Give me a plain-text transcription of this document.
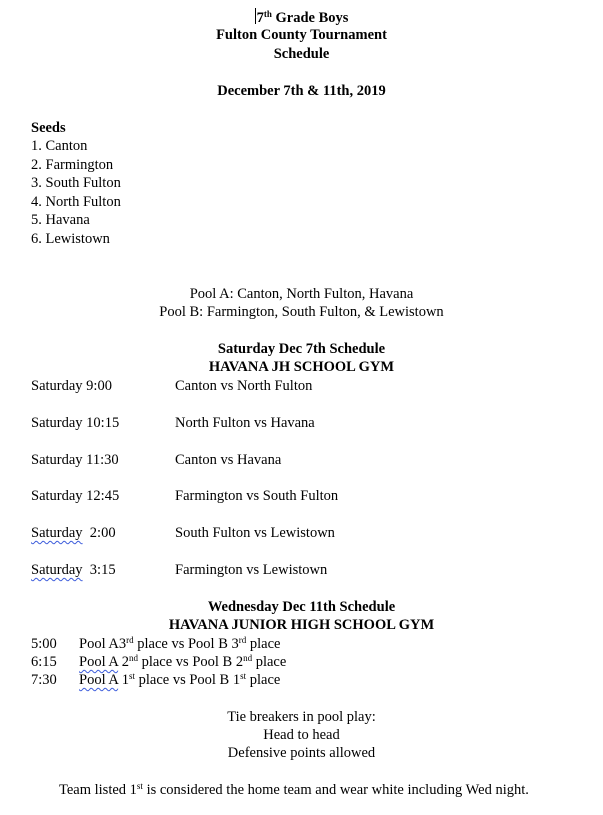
7th Grade Boys
Fulton County Tournament
Schedule
December 7th & 11th, 2019
Seeds
1. Canton
2. Farmington
3. South Fulton
4. North Fulton
5. Havana
6. Lewistown
Pool A: Canton, North Fulton, Havana
Pool B: Farmington, South Fulton, & Lewistown
Saturday Dec 7th Schedule
HAVANA JH SCHOOL GYM
Saturday 9:00	Canton vs North Fulton
Saturday 10:15	North Fulton vs Havana
Saturday 11:30	Canton vs Havana
Saturday 12:45	Farmington vs South Fulton
Saturday  2:00	South Fulton vs Lewistown
Saturday  3:15	Farmington vs Lewistown
Wednesday Dec 11th Schedule
HAVANA JUNIOR HIGH SCHOOL GYM
5:00 Pool A3rd place vs Pool B 3rd place
6:15 Pool A 2nd place vs Pool B 2nd place
7:30 Pool A 1st place vs Pool B 1st place
Tie breakers in pool play:
Head to head
Defensive points allowed
Team listed 1st is considered the home team and wear white including Wed night.
